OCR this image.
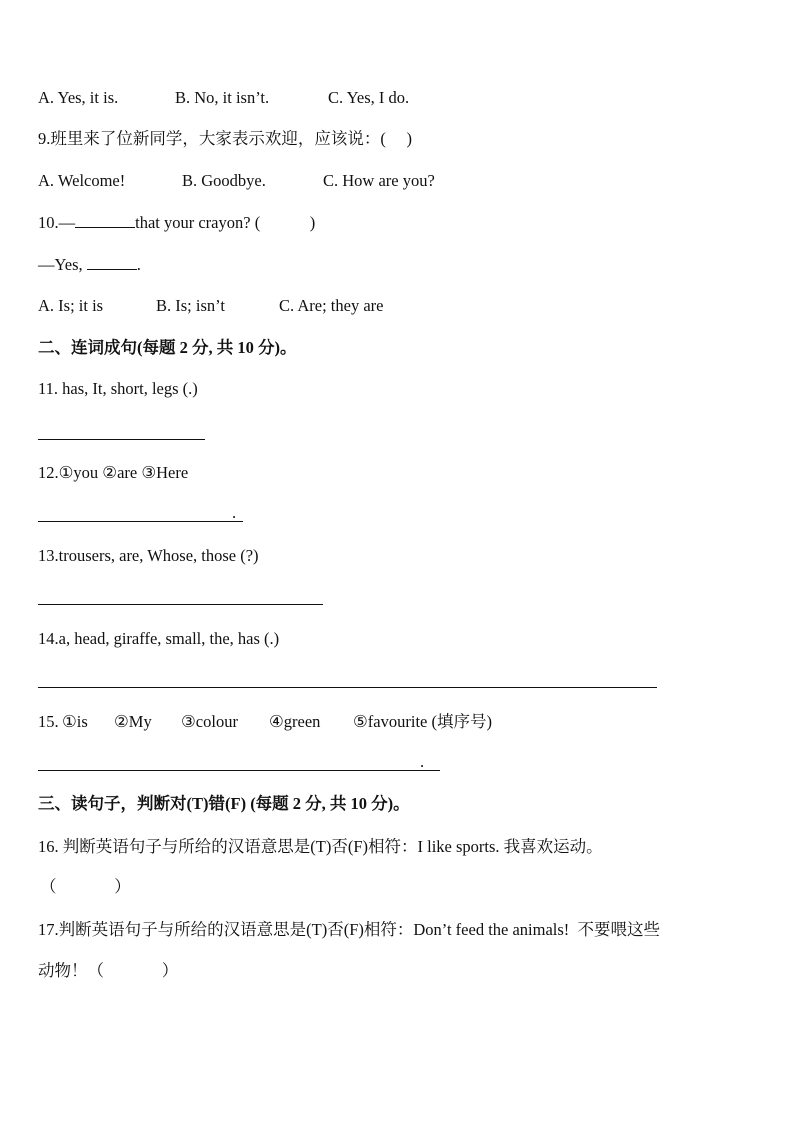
A. Yes, it is.	B. No, it isn’t.	C. Yes, I do.
9.班里来了位新同学，大家表示欢迎，应该说：(     )
A. Welcome!	B. Goodbye.	C. How are you?
10.—	that your crayon? (            )
—Yes,	.
A. Is; it is	B. Is; isn’t	C. Are; they are
二、连词成句(每题 2 分, 共 10 分)。
11. has, It, short, legs (.)
12.①you ②are ③Here
.
13.trousers, are, Whose, those (?)
14.a, head, giraffe, small, the, has (.)
15. ①is ②My ③colour ④green ⑤favourite (填序号)
.
三、读句子，判断对(T)错(F) (每题 2 分, 共 10 分)。
16. 判断英语句子与所给的汉语意思是(T)否(F)相符：I like sports. 我喜欢运动。
（              ）
17.判断英语句子与所给的汉语意思是(T)否(F)相符：Don’t feed the animals!  不要喂这些
动物！（              ）
